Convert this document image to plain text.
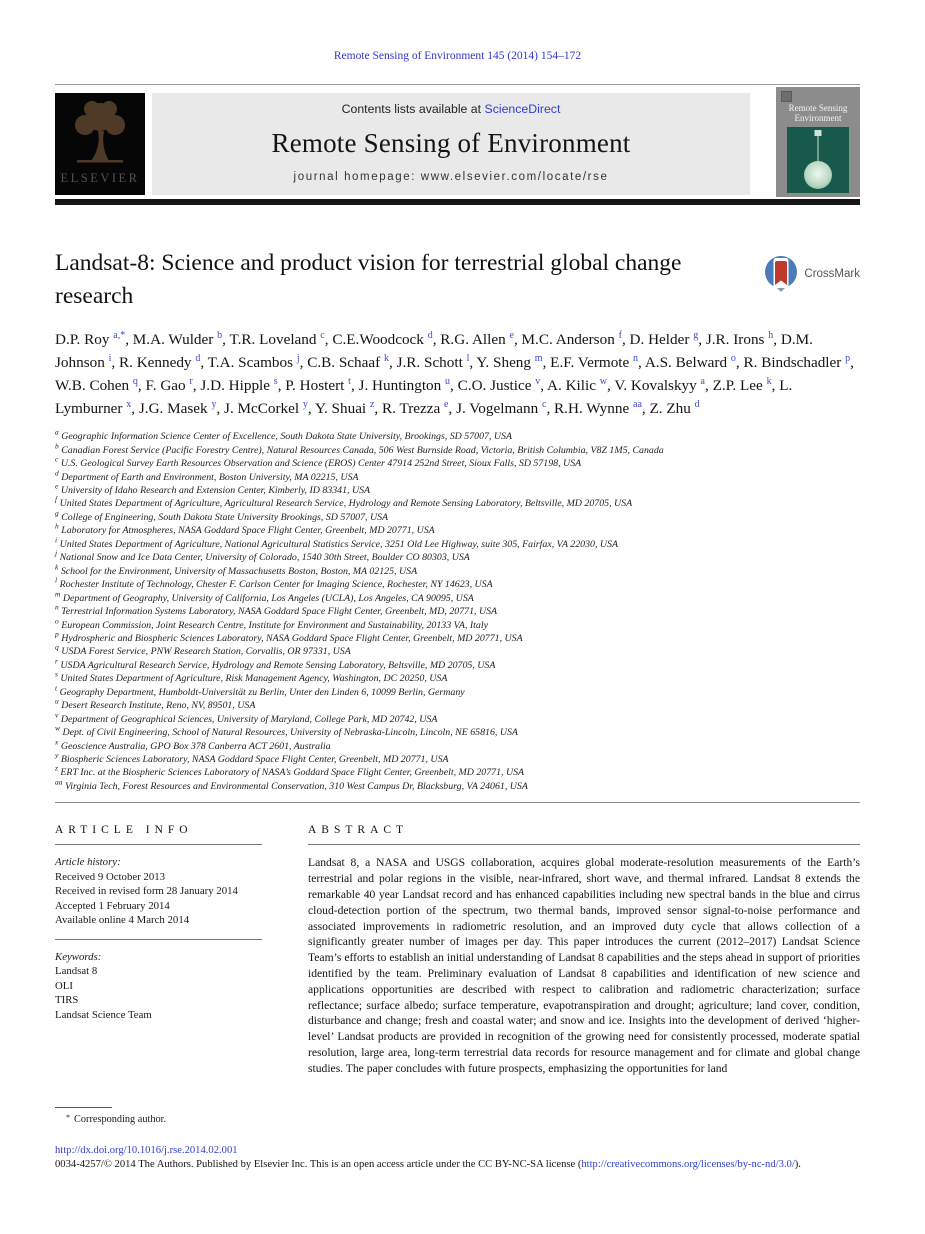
Remote Sensing of Environment 145 (2014) 154–172
ELSEVIER
Contents lists available at ScienceDirect
Remote Sensing of Environment
journal homepage: www.elsevier.com/locate/rse
Remote Sensing
Environment
Landsat-8: Science and product vision for terrestrial global change research
CrossMark
D.P. Roy $^{a,*}$, M.A. Wulder $^b$, T.R. Loveland $^c$, C.E.Woodcock $^d$, R.G. Allen $^e$, M.C. Anderson $^f$, D. Helder $^g$, J.R. Irons $^h$, D.M. Johnson $^i$, R. Kennedy $^d$, T.A. Scambos $^j$, C.B. Schaaf $^k$, J.R. Schott $^l$, Y. Sheng $^m$, E.F. Vermote $^n$, A.S. Belward $^o$, R. Bindschadler $^p$, W.B. Cohen $^q$, F. Gao $^r$, J.D. Hipple $^s$, P. Hostert $^t$, J. Huntington $^u$, C.O. Justice $^v$, A. Kilic $^w$, V. Kovalskyy $^a$, Z.P. Lee $^k$, L. Lymburner $^x$, J.G. Masek $^y$, J. McCorkel $^y$, Y. Shuai $^z$, R. Trezza $^e$, J. Vogelmann $^c$, R.H. Wynne $^{aa}$, Z. Zhu $^d$
$^a$ Geographic Information Science Center of Excellence, South Dakota State University, Brookings, SD 57007, USA
$^b$ Canadian Forest Service (Pacific Forestry Centre), Natural Resources Canada, 506 West Burnside Road, Victoria, British Columbia, V8Z 1M5, Canada
$^c$ U.S. Geological Survey Earth Resources Observation and Science (EROS) Center 47914 252nd Street, Sioux Falls, SD 57198, USA
$^d$ Department of Earth and Environment, Boston University, MA 02215, USA
$^e$ University of Idaho Research and Extension Center, Kimberly, ID 83341, USA
$^f$ United States Department of Agriculture, Agricultural Research Service, Hydrology and Remote Sensing Laboratory, Beltsville, MD 20705, USA
$^g$ College of Engineering, South Dakota State University Brookings, SD 57007, USA
$^h$ Laboratory for Atmospheres, NASA Goddard Space Flight Center, Greenbelt, MD 20771, USA
$^i$ United States Department of Agriculture, National Agricultural Statistics Service, 3251 Old Lee Highway, suite 305, Fairfax, VA 22030, USA
$^j$ National Snow and Ice Data Center, University of Colorado, 1540 30th Street, Boulder CO 80303, USA
$^k$ School for the Environment, University of Massachusetts Boston, Boston, MA 02125, USA
$^l$ Rochester Institute of Technology, Chester F. Carlson Center for Imaging Science, Rochester, NY 14623, USA
$^m$ Department of Geography, University of California, Los Angeles (UCLA), Los Angeles, CA 90095, USA
$^n$ Terrestrial Information Systems Laboratory, NASA Goddard Space Flight Center, Greenbelt, MD, 20771, USA
$^o$ European Commission, Joint Research Centre, Institute for Environment and Sustainability, 20133 VA, Italy
$^p$ Hydrospheric and Biospheric Sciences Laboratory, NASA Goddard Space Flight Center, Greenbelt, MD 20771, USA
$^q$ USDA Forest Service, PNW Research Station, Corvallis, OR 97331, USA
$^r$ USDA Agricultural Research Service, Hydrology and Remote Sensing Laboratory, Beltsville, MD 20705, USA
$^s$ United States Department of Agriculture, Risk Management Agency, Washington, DC 20250, USA
$^t$ Geography Department, Humboldt-Universität zu Berlin, Unter den Linden 6, 10099 Berlin, Germany
$^u$ Desert Research Institute, Reno, NV, 89501, USA
$^v$ Department of Geographical Sciences, University of Maryland, College Park, MD 20742, USA
$^w$ Dept. of Civil Engineering, School of Natural Resources, University of Nebraska-Lincoln, Lincoln, NE 65816, USA
$^x$ Geoscience Australia, GPO Box 378 Canberra ACT 2601, Australia
$^y$ Biospheric Sciences Laboratory, NASA Goddard Space Flight Center, Greenbelt, MD 20771, USA
$^z$ ERT Inc. at the Biospheric Sciences Laboratory of NASA’s Goddard Space Flight Center, Greenbelt, MD 20771, USA
$^{aa}$ Virginia Tech, Forest Resources and Environmental Conservation, 310 West Campus Dr, Blacksburg, VA 24061, USA
ARTICLE INFO
Article history:
Received 9 October 2013
Received in revised form 28 January 2014
Accepted 1 February 2014
Available online 4 March 2014
Keywords:
Landsat 8
OLI
TIRS
Landsat Science Team
ABSTRACT

Landsat 8, a NASA and USGS collaboration, acquires global moderate-resolution measurements of the Earth’s terrestrial and polar regions in the visible, near-infrared, short wave, and thermal infrared. Landsat 8 extends the remarkable 40 year Landsat record and has enhanced capabilities including new spectral bands in the blue and cirrus cloud-detection portion of the spectrum, two thermal bands, improved sensor signal-to-noise performance and associated improvements in radiometric resolution, and an improved duty cycle that allows collection of a significantly greater number of images per day. This paper introduces the current (2012–2017) Landsat Science Team’s efforts to establish an initial understanding of Landsat 8 capabilities and the steps ahead in support of priorities identified by the team. Preliminary evaluation of Landsat 8 capabilities and identification of new science and applications opportunities are described with respect to calibration and radiometric characterization; surface reflectance; surface albedo; surface temperature, evapotranspiration and drought; agriculture; land cover, condition, disturbance and change; fresh and coastal water; and snow and ice. Insights into the development of derived ‘higher-level’ Landsat products are provided in recognition of the growing need for consistently processed, moderate spatial resolution, large area, long-term terrestrial data records for resource management and for climate and global change studies. The paper concludes with future prospects, emphasizing the opportunities for land

* Corresponding author.
http://dx.doi.org/10.1016/j.rse.2014.02.001
0034-4257/© 2014 The Authors. Published by Elsevier Inc. This is an open access article under the CC BY-NC-SA license (http://creativecommons.org/licenses/by-nc-nd/3.0/).
